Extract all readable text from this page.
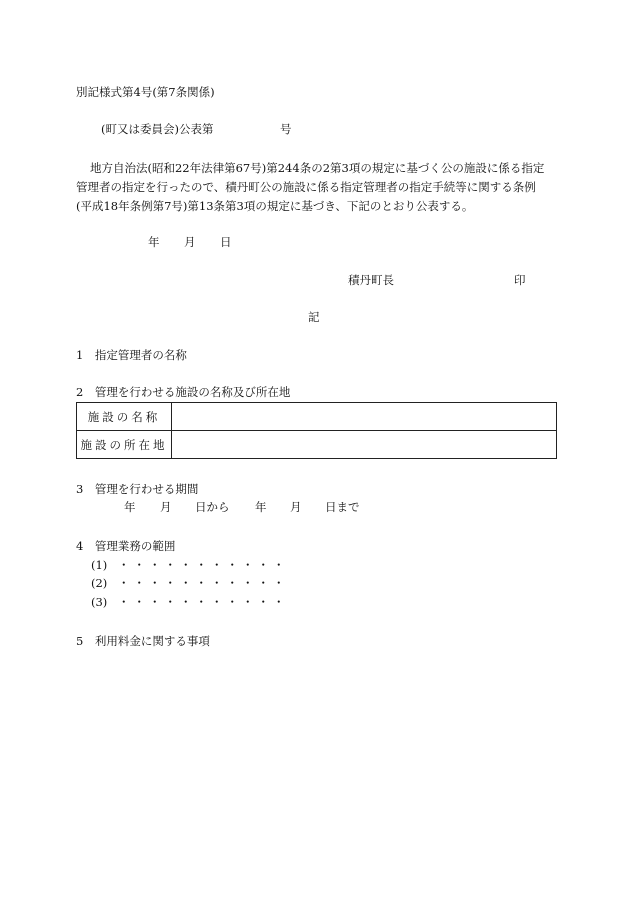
別記様式第4号(第7条関係)
(町又は委員会)公表第	号
地方自治法(昭和22年法律第67号)第244条の2第3項の規定に基づく公の施設に係る指定
管理者の指定を行ったので、積丹町公の施設に係る指定管理者の指定手続等に関する条例
(平成18年条例第7号)第13条第3項の規定に基づき、下記のとおり公表する。
年 月 日
積丹町長	印
記
1　指定管理者の名称
2　管理を行わせる施設の名称及び所在地
施設の名称	
施設の所在地	
3　管理を行わせる期間
年 月 日から 年 月 日まで
4　管理業務の範囲
(1) ・・・・・・・・・・・
(2) ・・・・・・・・・・・
(3) ・・・・・・・・・・・
5　利用料金に関する事項
